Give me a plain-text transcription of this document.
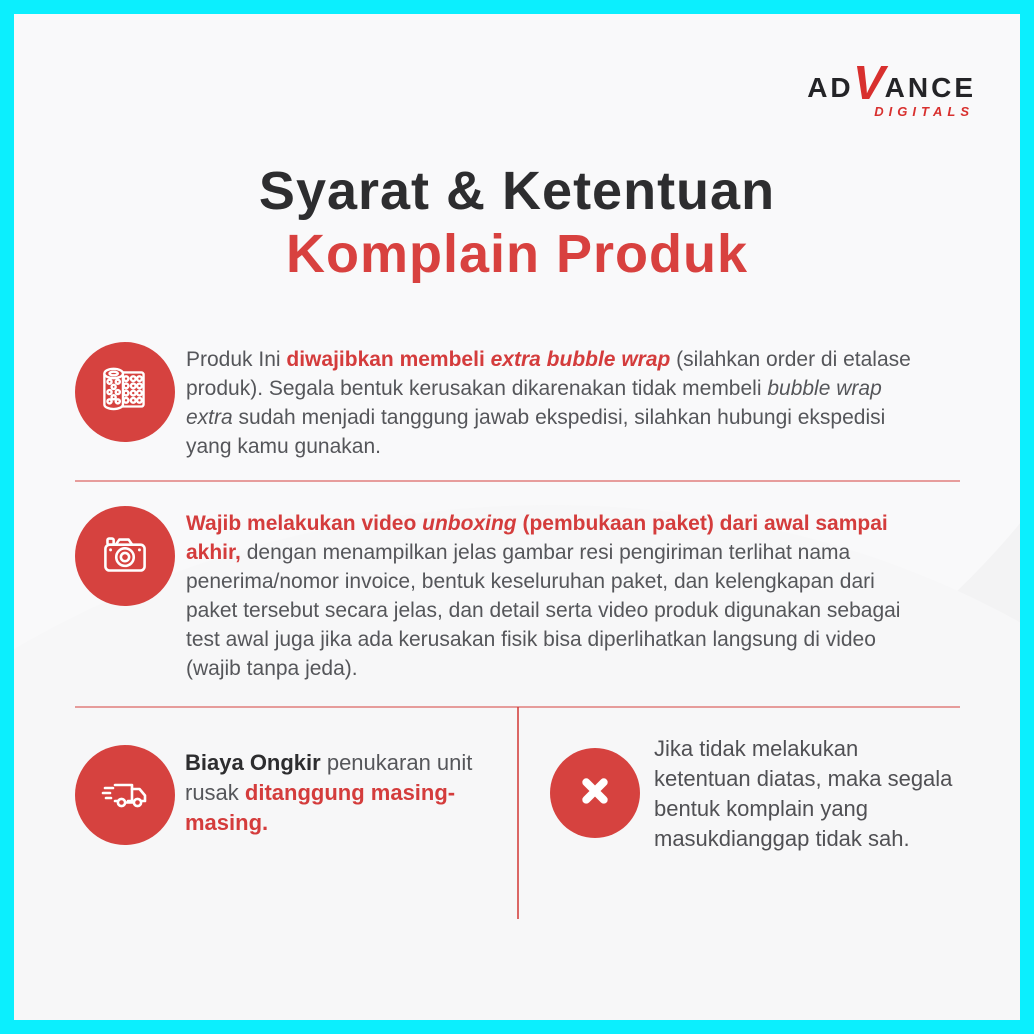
AD
V
ANCE
DIGITALS
Syarat & Ketentuan
Komplain Produk
Produk Ini diwajibkan membeli extra bubble wrap (silahkan order di etalase produk). Segala bentuk kerusakan dikarenakan tidak membeli bubble wrap extra sudah menjadi tanggung jawab ekspedisi, silahkan hubungi ekspedisi yang kamu gunakan.
Wajib melakukan video unboxing (pembukaan paket) dari awal sampai akhir, dengan menampilkan jelas gambar resi pengiriman terlihat nama penerima/nomor invoice, bentuk keseluruhan paket, dan kelengkapan dari paket tersebut secara jelas, dan detail serta video produk digunakan sebagai test awal juga jika ada kerusakan fisik bisa diperlihatkan langsung di video (wajib tanpa jeda).
Biaya Ongkir penukaran unit rusak ditanggung masing-masing.
Jika tidak melakukan ketentuan diatas, maka segala bentuk komplain yang masukdianggap tidak sah.
